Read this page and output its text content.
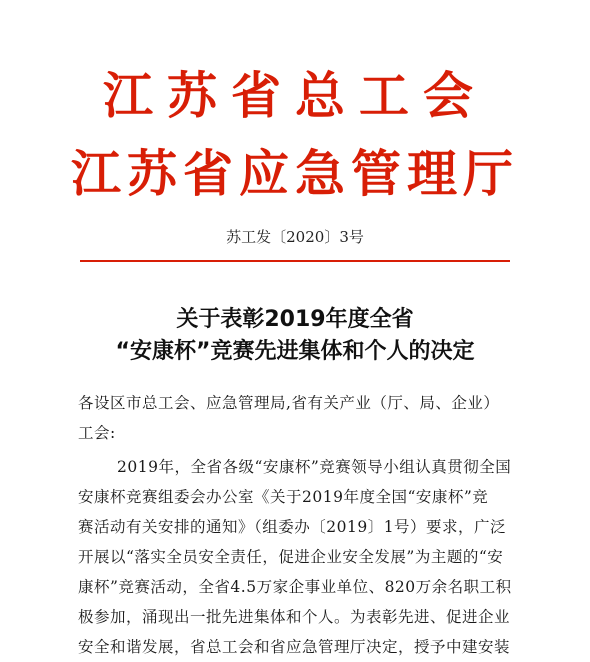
江苏省总工会
江苏省应急管理厅
苏工发〔2020〕3号
关于表彰2019年度全省
“安康杯”竞赛先进集体和个人的决定
各设区市总工会、应急管理局,省有关产业（厅、局、企业）
工会:
2019年，全省各级“安康杯”竞赛领导小组认真贯彻全国
安康杯竞赛组委会办公室《关于2019年度全国“安康杯”竞
赛活动有关安排的通知》（组委办〔2019〕1号）要求，广泛
开展以“落实全员安全责任，促进企业安全发展”为主题的“安
康杯”竞赛活动，全省4.5万家企事业单位、820万余名职工积
极参加，涌现出一批先进集体和个人。为表彰先进、促进企业
安全和谐发展，省总工会和省应急管理厅决定，授予中建安装
